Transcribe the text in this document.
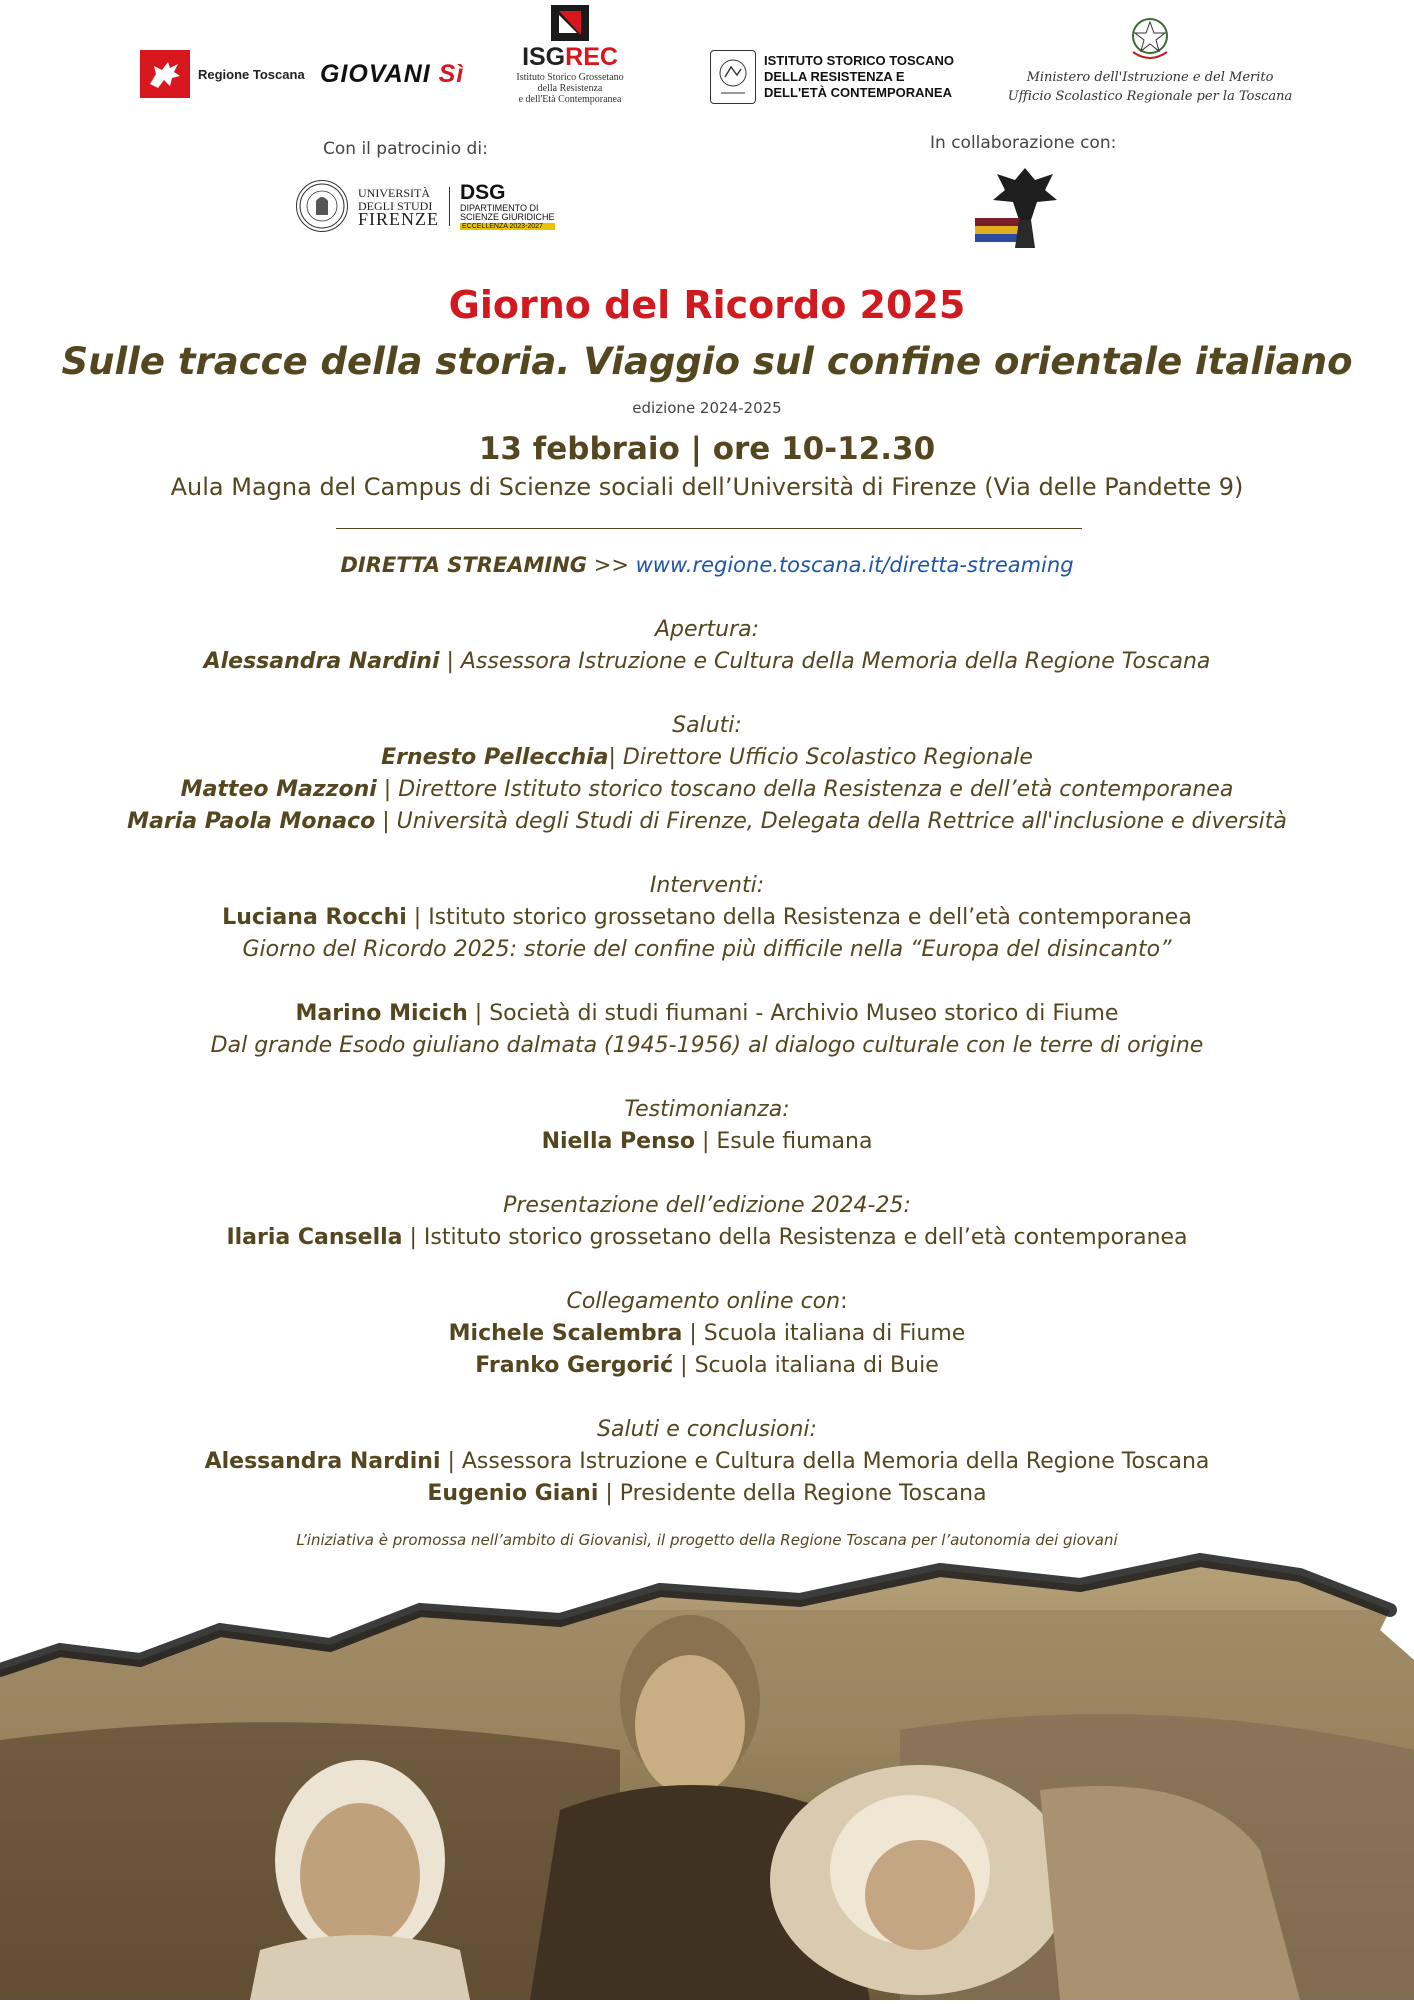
Regione Toscana GIOVANI Sì
ISGREC
Istituto Storico Grossetano
della Resistenza
e dell'Età Contemporanea
ISTITUTO STORICO TOSCANO
DELLA RESISTENZA E
DELL'ETÀ CONTEMPORANEA
Ministero dell'Istruzione e del Merito
Ufficio Scolastico Regionale per la Toscana
Con il patrocinio di:	In collaborazione con:
UNIVERSITÀ
DEGLI STUDI
FIRENZE
DSG
DIPARTIMENTO DI
SCIENZE GIURIDICHE
ECCELLENZA 2023-2027
Giorno del Ricordo 2025
Sulle tracce della storia. Viaggio sul confine orientale italiano
edizione 2024-2025
13 febbraio | ore 10-12.30
Aula Magna del Campus di Scienze sociali dell’Università di Firenze (Via delle Pandette 9)
DIRETTA STREAMING >> www.regione.toscana.it/diretta-streaming
Apertura:
Alessandra Nardini | Assessora Istruzione e Cultura della Memoria della Regione Toscana
Saluti:
Ernesto Pellecchia| Direttore Ufficio Scolastico Regionale
Matteo Mazzoni | Direttore Istituto storico toscano della Resistenza e dell’età contemporanea
Maria Paola Monaco | Università degli Studi di Firenze, Delegata della Rettrice all'inclusione e diversità
Interventi:
Luciana Rocchi | Istituto storico grossetano della Resistenza e dell’età contemporanea
Giorno del Ricordo 2025: storie del confine più difficile nella “Europa del disincanto”
Marino Micich | Società di studi fiumani - Archivio Museo storico di Fiume
Dal grande Esodo giuliano dalmata (1945-1956) al dialogo culturale con le terre di origine
Testimonianza:
Niella Penso | Esule fiumana
Presentazione dell’edizione 2024-25:
Ilaria Cansella | Istituto storico grossetano della Resistenza e dell’età contemporanea
Collegamento online con:
Michele Scalembra | Scuola italiana di Fiume
Franko Gergorić | Scuola italiana di Buie
Saluti e conclusioni:
Alessandra Nardini | Assessora Istruzione e Cultura della Memoria della Regione Toscana
Eugenio Giani | Presidente della Regione Toscana
L’iniziativa è promossa nell’ambito di Giovanisì, il progetto della Regione Toscana per l’autonomia dei giovani
